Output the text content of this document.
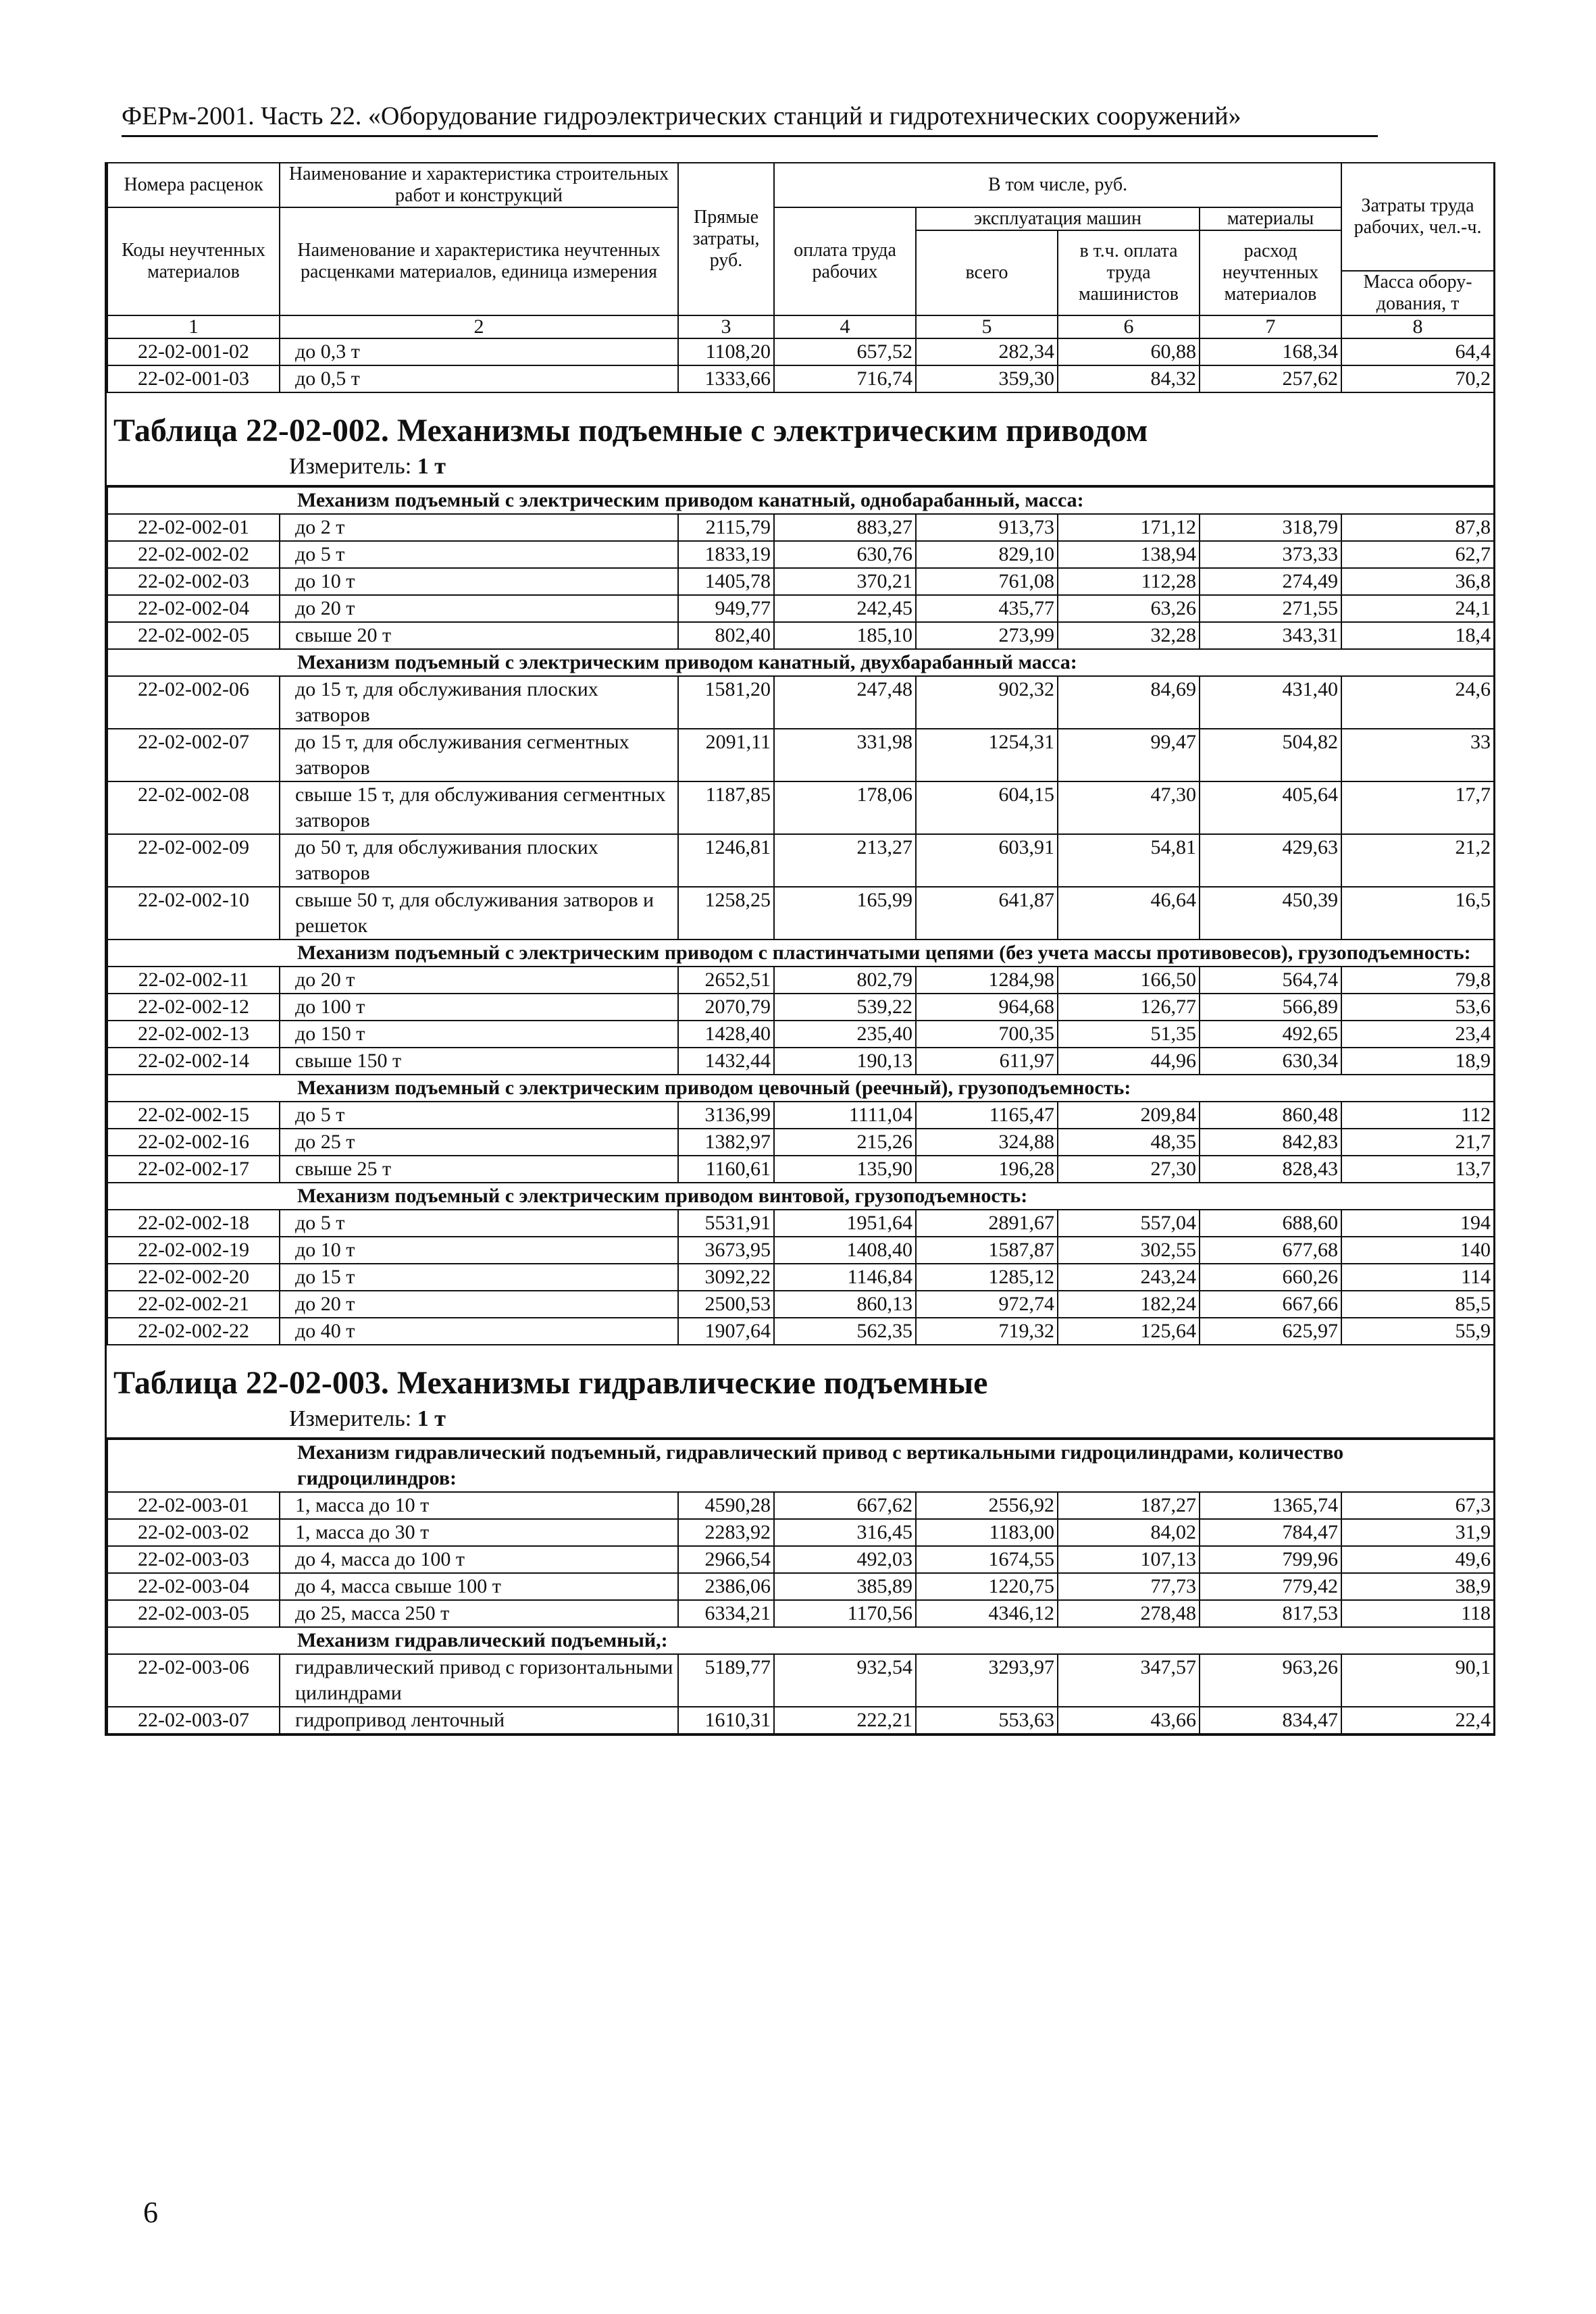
ФЕРм-2001. Часть 22. «Оборудование гидроэлектрических станций и гидротехнических сооружений»
Номера расценок	Наименование и характеристика строительных работ и конструкций	Прямые затраты, руб.	В том числе, руб.				Затраты труда рабочих, чел.-ч.
Коды неучтенных материалов	Наименование и характеристика неучтенных расценками материалов, единица измерения		оплата труда рабочих	эксплуатация машин		материалы	
				всего	в т.ч. оплата труда машинистов	расход неучтенных материалов	
							Масса обору-дования, т
1	2	3	4	5	6	7	8
22-02-001-02	до 0,3 т	1108,20	657,52	282,34	60,88	168,34	64,4
22-02-001-03	до 0,5 т	1333,66	716,74	359,30	84,32	257,62	70,2
Таблица 22-02-002. Механизмы подъемные с электрическим приводом
Измеритель: 1 т
Механизм подъемный с электрическим приводом канатный, однобарабанный, масса:							
22-02-002-01	до 2 т	2115,79	883,27	913,73	171,12	318,79	87,8
22-02-002-02	до 5 т	1833,19	630,76	829,10	138,94	373,33	62,7
22-02-002-03	до 10 т	1405,78	370,21	761,08	112,28	274,49	36,8
22-02-002-04	до 20 т	949,77	242,45	435,77	63,26	271,55	24,1
22-02-002-05	свыше 20 т	802,40	185,10	273,99	32,28	343,31	18,4
Механизм подъемный с электрическим приводом канатный, двухбарабанный масса:							
22-02-002-06	до 15 т, для обслуживания плоских затворов	1581,20	247,48	902,32	84,69	431,40	24,6
22-02-002-07	до 15 т, для обслуживания сегментных затворов	2091,11	331,98	1254,31	99,47	504,82	33
22-02-002-08	свыше 15 т, для обслуживания сегментных затворов	1187,85	178,06	604,15	47,30	405,64	17,7
22-02-002-09	до 50 т, для обслуживания плоских затворов	1246,81	213,27	603,91	54,81	429,63	21,2
22-02-002-10	свыше 50 т, для обслуживания затворов и решеток	1258,25	165,99	641,87	46,64	450,39	16,5
Механизм подъемный с электрическим приводом с пластинчатыми цепями (без учета массы противовесов), грузоподъемность:							
22-02-002-11	до 20 т	2652,51	802,79	1284,98	166,50	564,74	79,8
22-02-002-12	до 100 т	2070,79	539,22	964,68	126,77	566,89	53,6
22-02-002-13	до 150 т	1428,40	235,40	700,35	51,35	492,65	23,4
22-02-002-14	свыше 150 т	1432,44	190,13	611,97	44,96	630,34	18,9
Механизм подъемный с электрическим приводом цевочный (реечный), грузоподъемность:							
22-02-002-15	до 5 т	3136,99	1111,04	1165,47	209,84	860,48	112
22-02-002-16	до 25 т	1382,97	215,26	324,88	48,35	842,83	21,7
22-02-002-17	свыше 25 т	1160,61	135,90	196,28	27,30	828,43	13,7
Механизм подъемный с электрическим приводом винтовой, грузоподъемность:							
22-02-002-18	до 5 т	5531,91	1951,64	2891,67	557,04	688,60	194
22-02-002-19	до 10 т	3673,95	1408,40	1587,87	302,55	677,68	140
22-02-002-20	до 15 т	3092,22	1146,84	1285,12	243,24	660,26	114
22-02-002-21	до 20 т	2500,53	860,13	972,74	182,24	667,66	85,5
22-02-002-22	до 40 т	1907,64	562,35	719,32	125,64	625,97	55,9
Таблица 22-02-003. Механизмы гидравлические подъемные
Измеритель: 1 т
Механизм гидравлический подъемный, гидравлический привод с вертикальными гидроцилиндрами, количество гидроцилиндров:							
22-02-003-01	1, масса до 10 т	4590,28	667,62	2556,92	187,27	1365,74	67,3
22-02-003-02	1, масса до 30 т	2283,92	316,45	1183,00	84,02	784,47	31,9
22-02-003-03	до 4, масса до 100 т	2966,54	492,03	1674,55	107,13	799,96	49,6
22-02-003-04	до 4, масса свыше 100 т	2386,06	385,89	1220,75	77,73	779,42	38,9
22-02-003-05	до 25, масса 250 т	6334,21	1170,56	4346,12	278,48	817,53	118
Механизм гидравлический подъемный,:							
22-02-003-06	гидравлический привод с горизонтальными цилиндрами	5189,77	932,54	3293,97	347,57	963,26	90,1
22-02-003-07	гидропривод ленточный	1610,31	222,21	553,63	43,66	834,47	22,4
6
